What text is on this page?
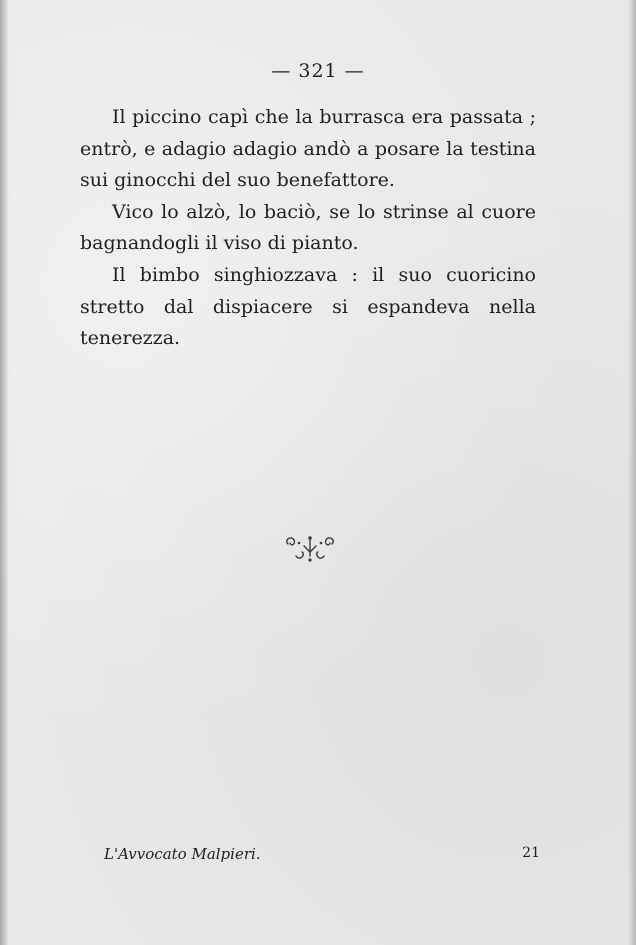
— 321 —

Il piccino capì che la burrasca era passata ; entrò, e adagio adagio andò a posare la testina sui ginocchi del suo benefattore.

Vico lo alzò, lo baciò, se lo strinse al cuore bagnandogli il viso di pianto.

Il bimbo singhiozzava : il suo cuoricino stretto dal dispiacere si espandeva nella tenerezza.

L'Avvocato Malpieri.	21
